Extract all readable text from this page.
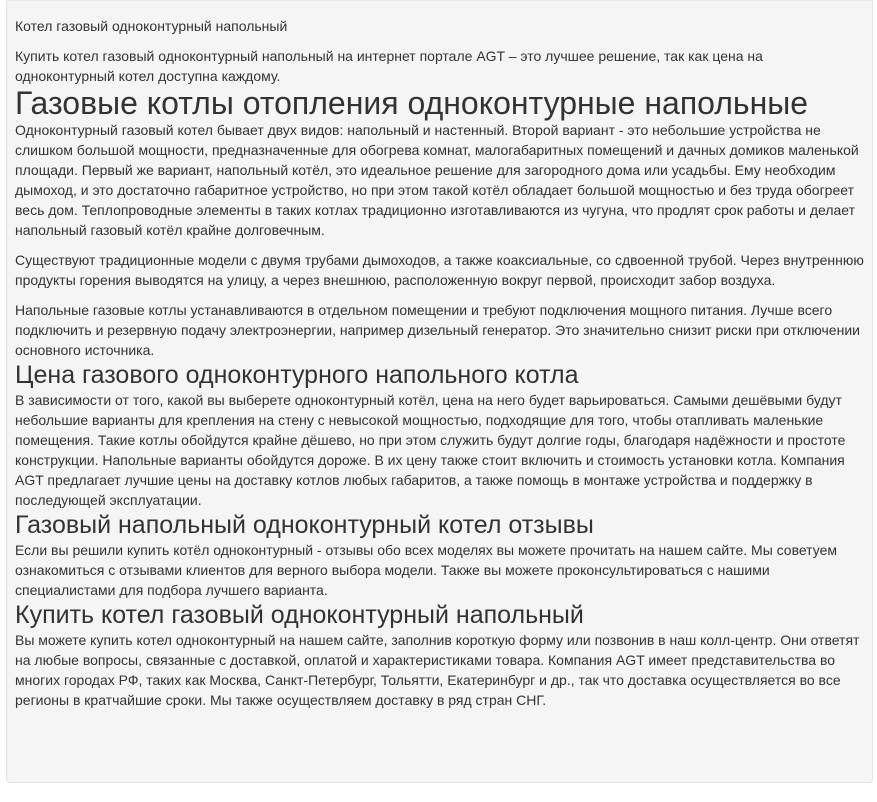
Котел газовый одноконтурный напольный

Купить котел газовый одноконтурный напольный на интернет портале AGT – это лучшее решение, так как цена на одноконтурный котел доступна каждому.

Газовые котлы отопления одноконтурные напольные

Одноконтурный газовый котел бывает двух видов: напольный и настенный. Второй вариант - это небольшие устройства не слишком большой мощности, предназначенные для обогрева комнат, малогабаритных помещений и дачных домиков маленькой площади. Первый же вариант, напольный котёл, это идеальное решение для загородного дома или усадьбы. Ему необходим дымоход, и это достаточно габаритное устройство, но при этом такой котёл обладает большой мощностью и без труда обогреет весь дом. Теплопроводные элементы в таких котлах традиционно изготавливаются из чугуна, что продлят срок работы и делает напольный газовый котёл крайне долговечным.

Существуют традиционные модели с двумя трубами дымоходов, а также коаксиальные, со сдвоенной трубой. Через внутреннюю продукты горения выводятся на улицу, а через внешнюю, расположенную вокруг первой, происходит забор воздуха.

Напольные газовые котлы устанавливаются в отдельном помещении и требуют подключения мощного питания. Лучше всего подключить и резервную подачу электроэнергии, например дизельный генератор. Это значительно снизит риски при отключении основного источника.

Цена газового одноконтурного напольного котла

В зависимости от того, какой вы выберете одноконтурный котёл, цена на него будет варьироваться. Самыми дешёвыми будут небольшие варианты для крепления на стену с невысокой мощностью, подходящие для того, чтобы отапливать маленькие помещения. Такие котлы обойдутся крайне дёшево, но при этом служить будут долгие годы, благодаря надёжности и простоте конструкции. Напольные варианты обойдутся дороже. В их цену также стоит включить и стоимость установки котла. Компания AGT предлагает лучшие цены на доставку котлов любых габаритов, а также помощь в монтаже устройства и поддержку в последующей эксплуатации.

Газовый напольный одноконтурный котел отзывы

Если вы решили купить котёл одноконтурный - отзывы обо всех моделях вы можете прочитать на нашем сайте. Мы советуем ознакомиться с отзывами клиентов для верного выбора модели. Также вы можете проконсультироваться с нашими специалистами для подбора лучшего варианта.

Купить котел газовый одноконтурный напольный

Вы можете купить котел одноконтурный на нашем сайте, заполнив короткую форму или позвонив в наш колл-центр. Они ответят на любые вопросы, связанные с доставкой, оплатой и характеристиками товара. Компания AGT имеет представительства во многих городах РФ, таких как Москва, Санкт-Петербург, Тольятти, Екатеринбург и др., так что доставка осуществляется во все регионы в кратчайшие сроки. Мы также осуществляем доставку в ряд стран СНГ.
